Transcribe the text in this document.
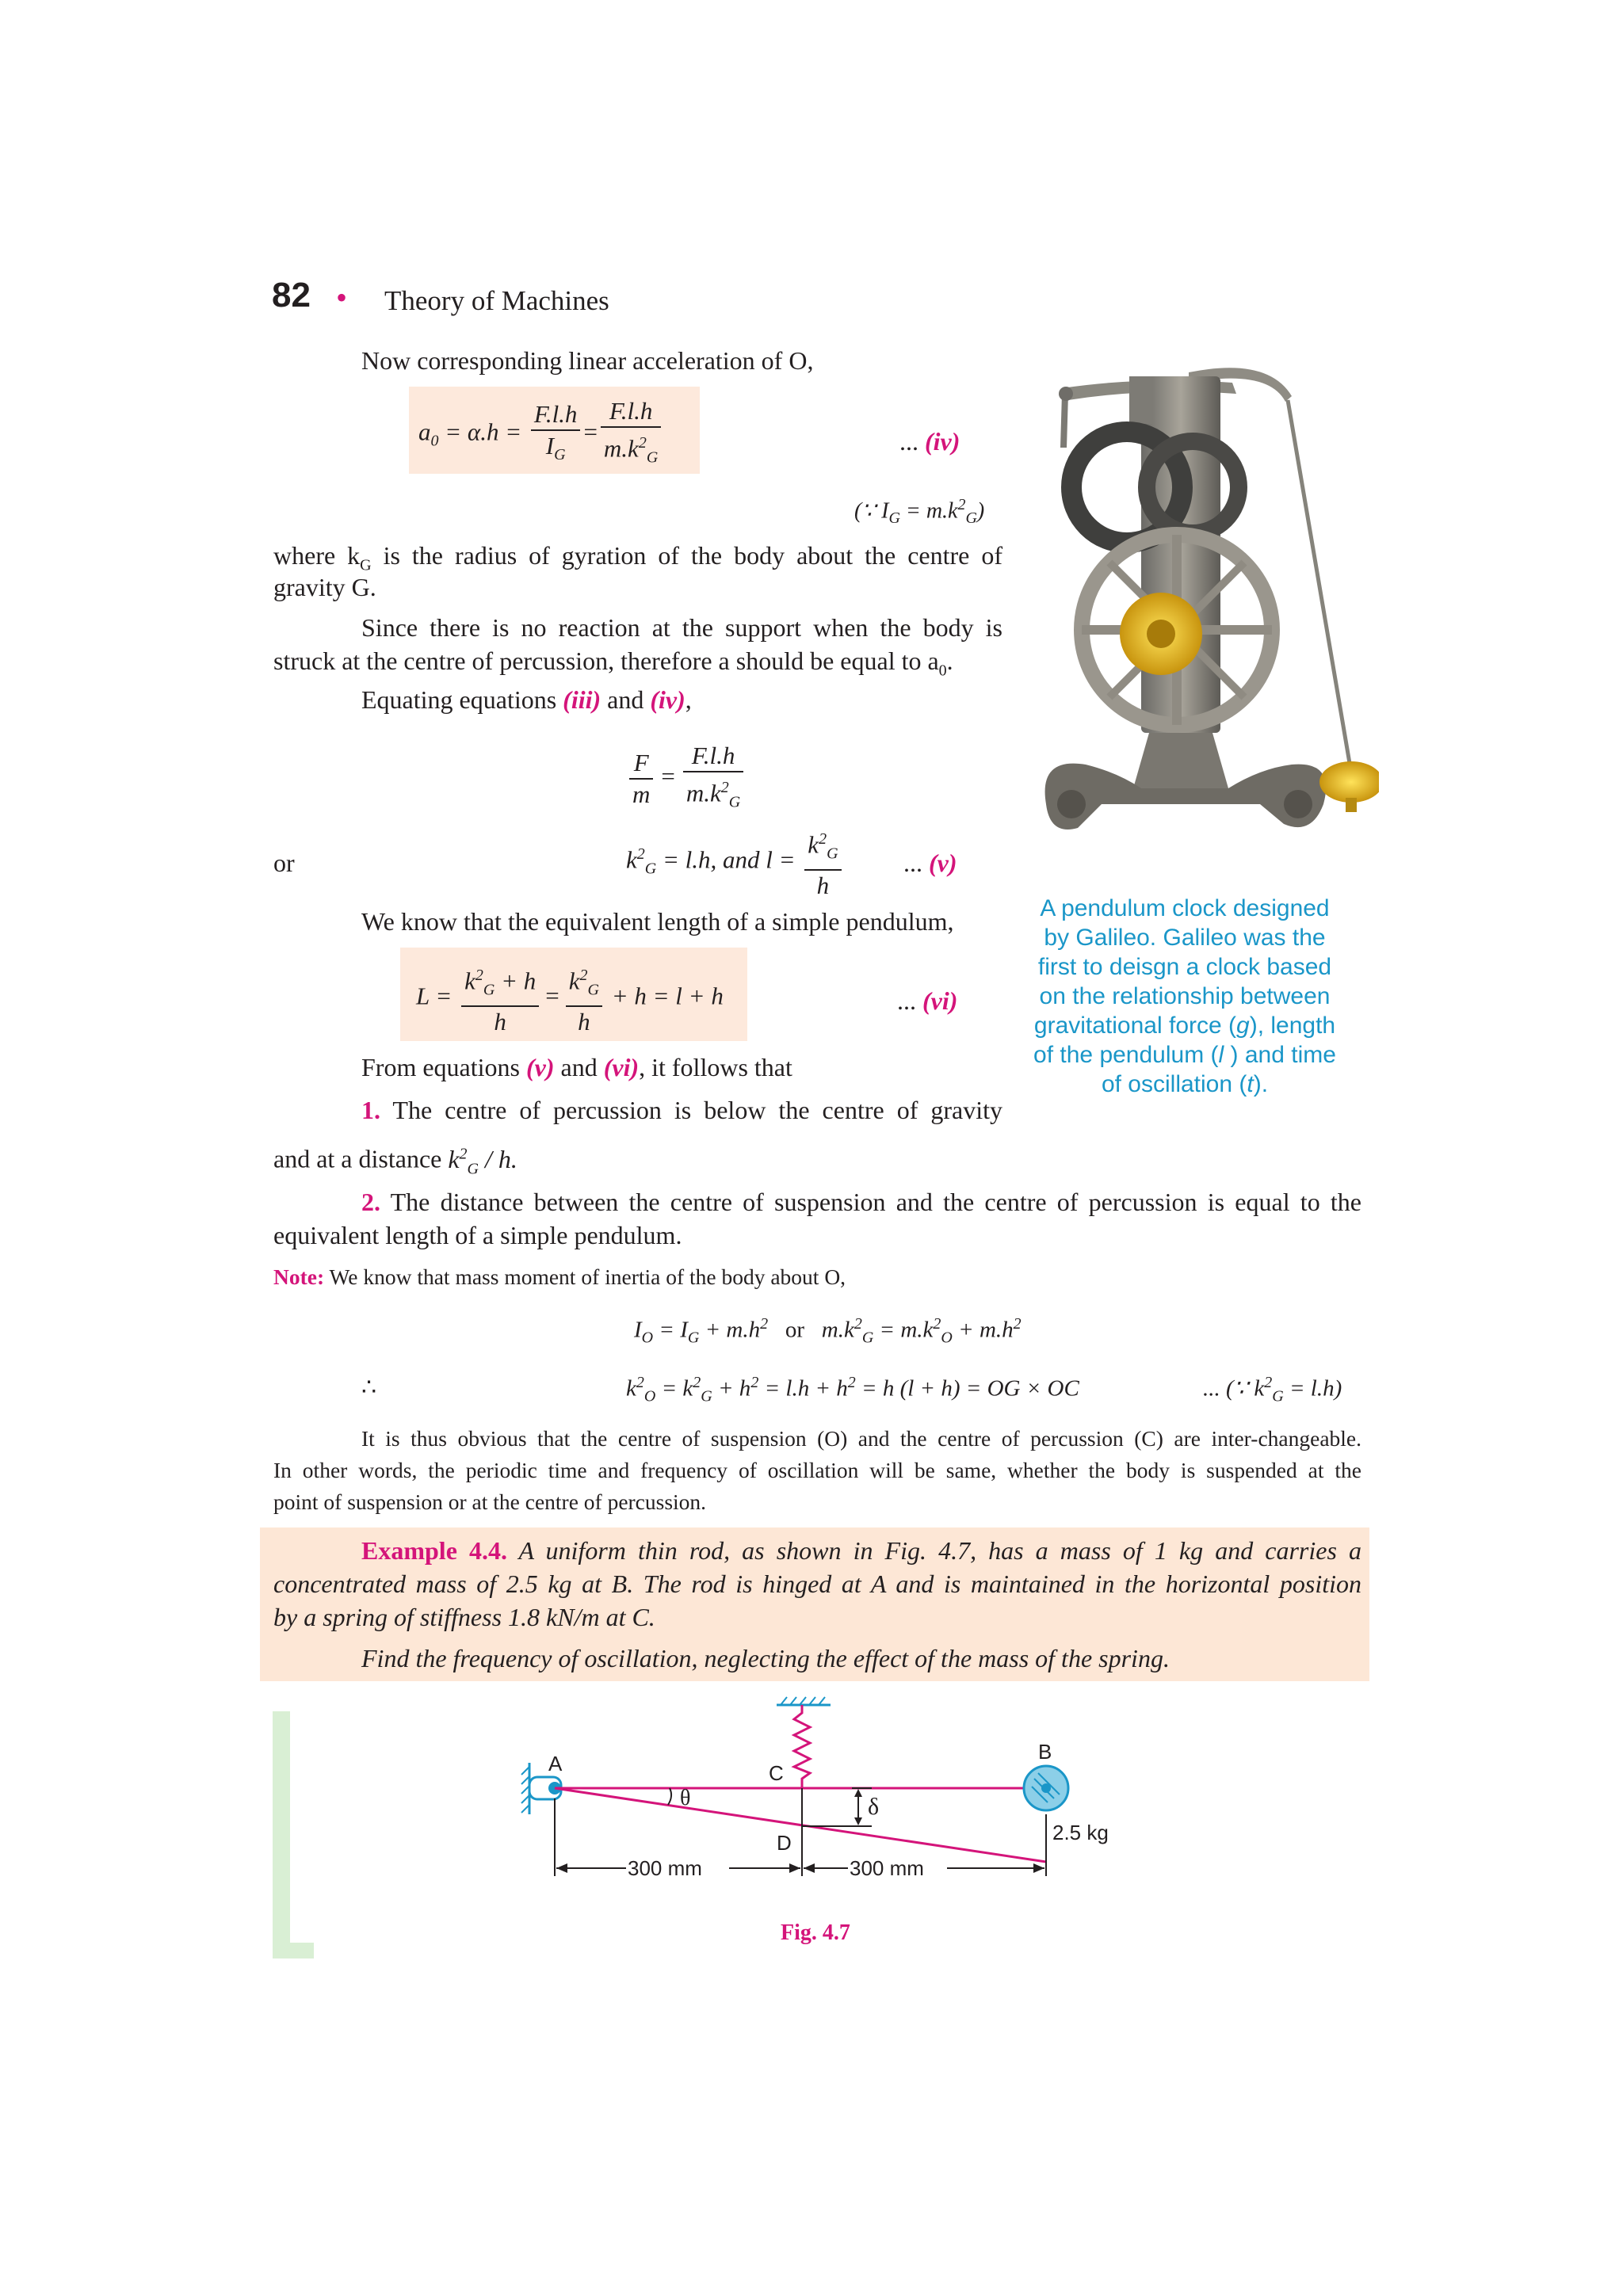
82 • Theory of Machines
Now corresponding linear acceleration of O,
$a_0 = \alpha.h = \frac{F.l.h}{I_G} = \frac{F.l.h}{m.k^2_G}$	... (iv)
(∵ $I_G = m.k^2_G$)
where $k_G$ is the radius of gyration of the body about the centre of
gravity G.
Since there is no reaction at the support when the body is
struck at the centre of percussion, therefore a should be equal to $a_0$.
Equating equations (iii) and (iv),
$\frac{F}{m} = \frac{F.l.h}{m.k^2_G}$
or	$k^2_G = l.h$, and $l = \frac{k^2_G}{h}$ ... (v)
We know that the equivalent length of a simple pendulum,
$L = \frac{k^2_G + h}{h} = \frac{k^2_G}{h} + h = l + h$	... (vi)
From equations (v) and (vi), it follows that
1. The centre of percussion is below the centre of gravity
and at a distance $k^2_G$ / h.
2. The distance between the centre of suspension and the centre of percussion is equal to the
equivalent length of a simple pendulum.
Note: We know that mass moment of inertia of the body about O,
$I_O = I_G + m.h^2$   or   $m.k^2_G = m.k^2_O + m.h^2$
∴	$k^2_O = k^2_G + h^2 = l.h + h^2 = h$ (l + h) = OG × OC	... (∵ $k^2_G = l.h$)
It is thus obvious that the centre of suspension (O) and the centre of percussion (C) are inter-changeable.
In other words, the periodic time and frequency of oscillation will be same, whether the body is suspended at the
point of suspension or at the centre of percussion.
Example 4.4. A uniform thin rod, as shown in Fig. 4.7, has a mass of 1 kg and carries a
concentrated mass of 2.5 kg at B. The rod is hinged at A and is maintained in the horizontal position
by a spring of stiffness 1.8 kN/m at C.
Find the frequency of oscillation, neglecting the effect of the mass of the spring.
A pendulum clock designed
by Galileo. Galileo was the
first to deisgn a clock based
on the relationship between
gravitational force (g), length
of the pendulum (l ) and time
of oscillation (t).
A	B
C
D
θ	δ
2.5 kg
300 mm	300 mm
Fig. 4.7
